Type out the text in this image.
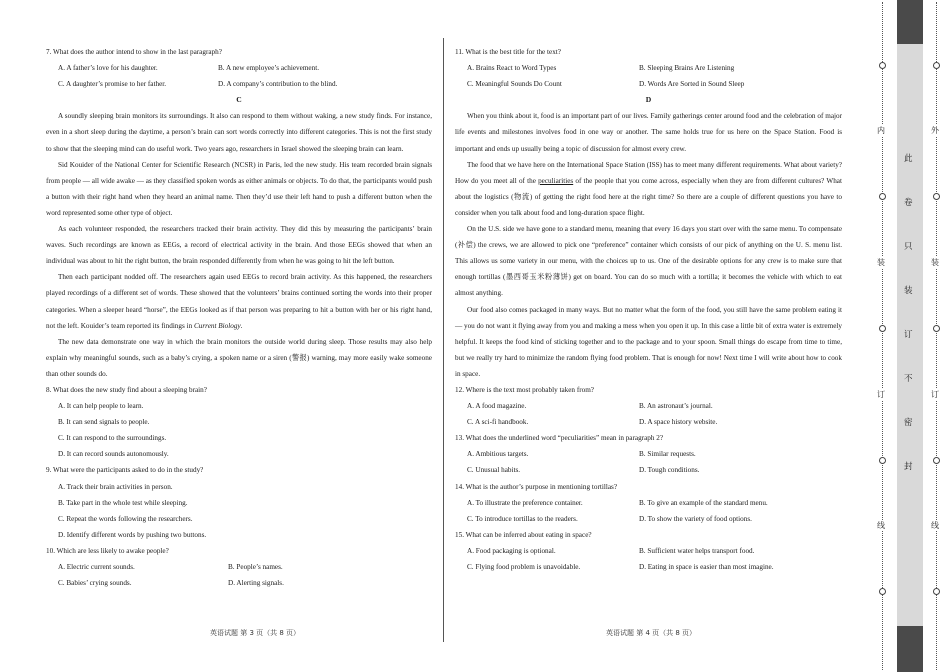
7. What does the author intend to show in the last paragraph?

A. A father’s love for his daughter.	B. A new employee’s achievement.
C. A daughter’s promise to her father.	D. A company’s contribution to the blind.

C

A soundly sleeping brain monitors its surroundings. It also can respond to them without waking, a new study finds. For instance, even in a short sleep during the daytime, a person’s brain can sort words correctly into different categories. This is not the first study to show that the sleeping mind can do useful work. Two years ago, researchers in Israel showed the sleeping brain can learn.

Sid Kouider of the National Center for Scientific Research (NCSR) in Paris, led the new study. His team recorded brain signals from people — all wide awake — as they classified spoken words as either animals or objects. To do that, the participants would push a button with their right hand when they heard an animal name. Then they’d use their left hand to push a different button when the word represented some other type of object.

As each volunteer responded, the researchers tracked their brain activity. They did this by measuring the participants’ brain waves. Such recordings are known as EEGs, a record of electrical activity in the brain. And those EEGs showed that when an individual was about to hit the right button, the brain responded differently from when he was going to hit the left button.

Then each participant nodded off. The researchers again used EEGs to record brain activity. As this happened, the researchers played recordings of a different set of words. These showed that the volunteers’ brains continued sorting the words into their proper categories. When a sleeper heard “horse”, the EEGs looked as if that person was preparing to hit a button with her or his right hand, not the left. Kouider’s team reported its findings in Current Biology.

The new data demonstrate one way in which the brain monitors the outside world during sleep. Those results may also help explain why meaningful sounds, such as a baby’s crying, a spoken name or a siren (警报) warning, may more easily wake someone than other sounds do.

8. What does the new study find about a sleeping brain?

A. It can help people to learn.

B. It can send signals to people.

C. It can respond to the surroundings.

D. It can record sounds autonomously.

9. What were the participants asked to do in the study?

A. Track their brain activities in person.

B. Take part in the whole test while sleeping.

C. Repeat the words following the researchers.

D. Identify different words by pushing two buttons.

10. Which are less likely to awake people?

A. Electric current sounds.	B. People’s names.
C. Babies’ crying sounds.	D. Alerting signals.

11. What is the best title for the text?

A. Brains React to Word Types	B. Sleeping Brains Are Listening
C. Meaningful Sounds Do Count	D. Words Are Sorted in Sound Sleep

D

When you think about it, food is an important part of our lives. Family gatherings center around food and the celebration of major life events and milestones involves food in one way or another. The same holds true for us here on the Space Station. Food is important and ends up usually being a topic of discussion for almost every crew.

The food that we have here on the International Space Station (ISS) has to meet many different requirements. What about variety? How do you meet all of the peculiarities of the people that you come across, especially when they are from different cultures? What about the logistics (物流) of getting the right food here at the right time? So there are a couple of different questions you have to consider when you talk about food and long-duration space flight.

On the U.S. side we have gone to a standard menu, meaning that every 16 days you start over with the same menu. To compensate (补偿) the crews, we are allowed to pick one “preference” container which consists of our pick of anything on the U. S. menu list. This allows us some variety in our menu, with the choices up to us. One of the desirable options for any crew is to make sure that enough tortillas (墨西哥玉米粉薄饼) get on board. You can do so much with a tortilla; it becomes the vehicle with which to eat almost anything.

Our food also comes packaged in many ways. But no matter what the form of the food, you still have the same problem eating it — you do not want it flying away from you and making a mess when you open it up. In this case a little bit of extra water is extremely helpful. It keeps the food kind of sticking together and to the package and to your spoon. Small things do escape from time to time, but we really try hard to minimize the random flying food problem. That is enough for now! Next time I will write about how to cook in space.

12. Where is the text most probably taken from?

A. A food magazine.	B. An astronaut’s journal.
C. A sci-fi handbook.	D. A space history website.

13. What does the underlined word “peculiarities” mean in paragraph 2?

A. Ambitious targets.	B. Similar requests.
C. Unusual habits.	D. Tough conditions.

14. What is the author’s purpose in mentioning tortillas?

A. To illustrate the preference container.	B. To give an example of the standard menu.
C. To introduce tortillas to the readers.	D. To show the variety of food options.

15. What can be inferred about eating in space?

A. Food packaging is optional.	B. Sufficient water helps transport food.
C. Flying food problem is unavoidable.	D. Eating in space is easier than most imagine.
英语试题 第 3 页（共 8 页）	英语试题 第 4 页（共 8 页）
内
装
订
线
外
装
订
线
此
卷
只
装
订
不
密
封
